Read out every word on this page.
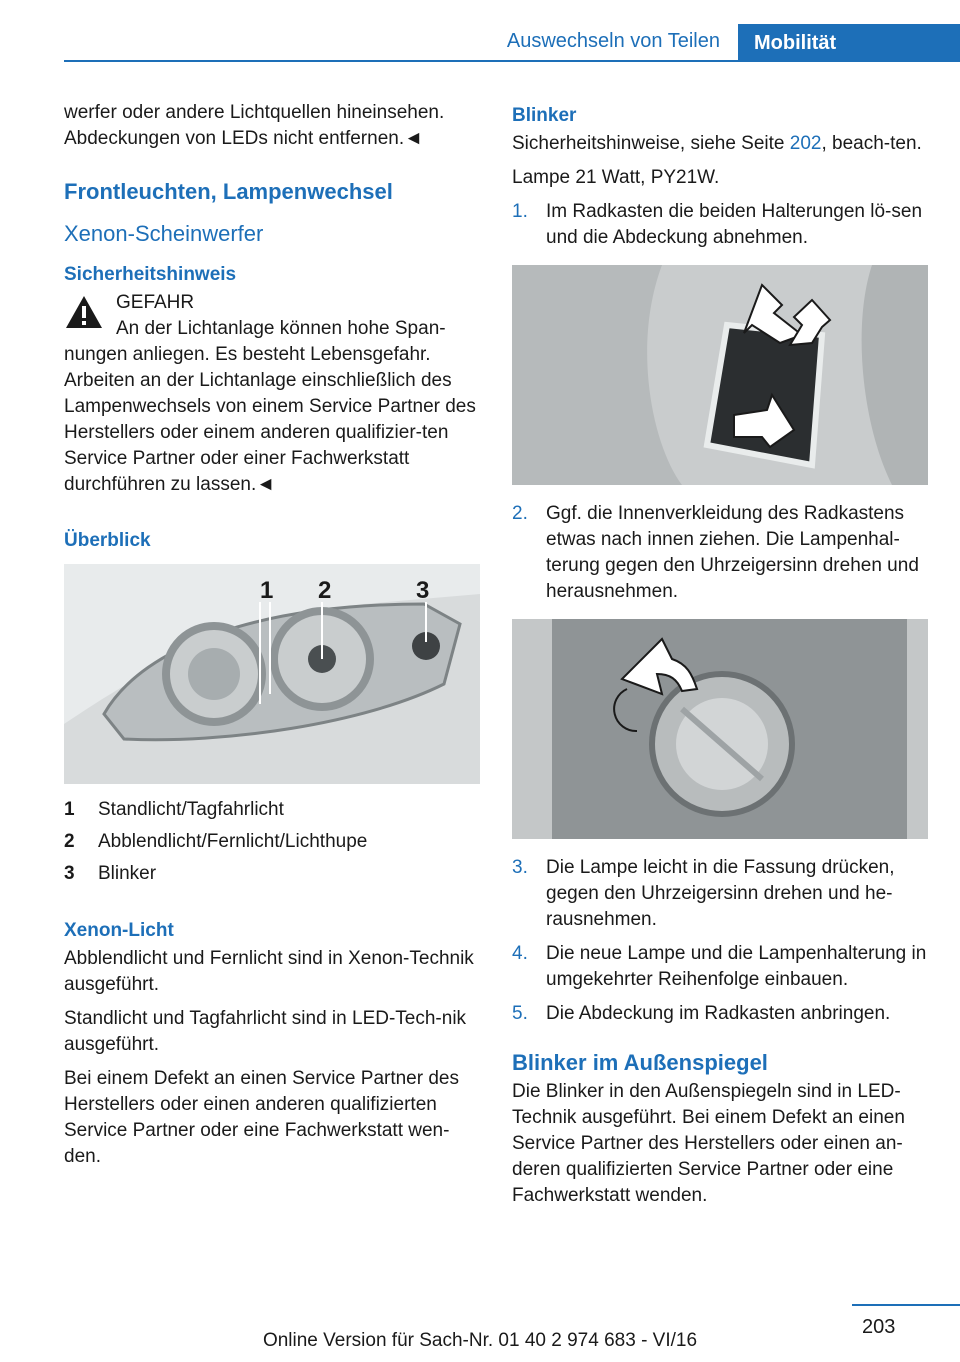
Auswechseln von Teilen	Mobilität

werfer oder andere Lichtquellen hineinsehen. Abdeckungen von LEDs nicht entfernen.◄

Frontleuchten, Lampenwechsel
Xenon-Scheinwerfer
Sicherheitshinweis
GEFAHR
An der Lichtanlage können hohe Span-
nungen anliegen. Es besteht Lebensgefahr. Arbeiten an der Lichtanlage einschließlich des Lampenwechsels von einem Service Partner des Herstellers oder einem anderen qualifizier-ten Service Partner oder einer Fachwerkstatt durchführen zu lassen.◄
Überblick
1 2	3
1	Standlicht/Tagfahrlicht
2	Abblendlicht/Fernlicht/Lichthupe
3	Blinker
Xenon-Licht

Abblendlicht und Fernlicht sind in Xenon-Technik ausgeführt.

Standlicht und Tagfahrlicht sind in LED-Tech-nik ausgeführt.

Bei einem Defekt an einen Service Partner des Herstellers oder einen anderen qualifizierten Service Partner oder eine Fachwerkstatt wen-den.

Blinker

Sicherheitshinweise, siehe Seite 202, beach-ten.

Lampe 21 Watt, PY21W.

1. Im Radkasten die beiden Halterungen lö-sen und die Abdeckung abnehmen.
2. Ggf. die Innenverkleidung des Radkastens etwas nach innen ziehen. Die Lampenhal-terung gegen den Uhrzeigersinn drehen und herausnehmen.
3. Die Lampe leicht in die Fassung drücken, gegen den Uhrzeigersinn drehen und he-rausnehmen.
4. Die neue Lampe und die Lampenhalterung in umgekehrter Reihenfolge einbauen.
5. Die Abdeckung im Radkasten anbringen.
Blinker im Außenspiegel

Die Blinker in den Außenspiegeln sind in LED-Technik ausgeführt. Bei einem Defekt an einen Service Partner des Herstellers oder einen an-deren qualifizierten Service Partner oder eine Fachwerkstatt wenden.

203
Online Version für Sach-Nr. 01 40 2 974 683 - VI/16
